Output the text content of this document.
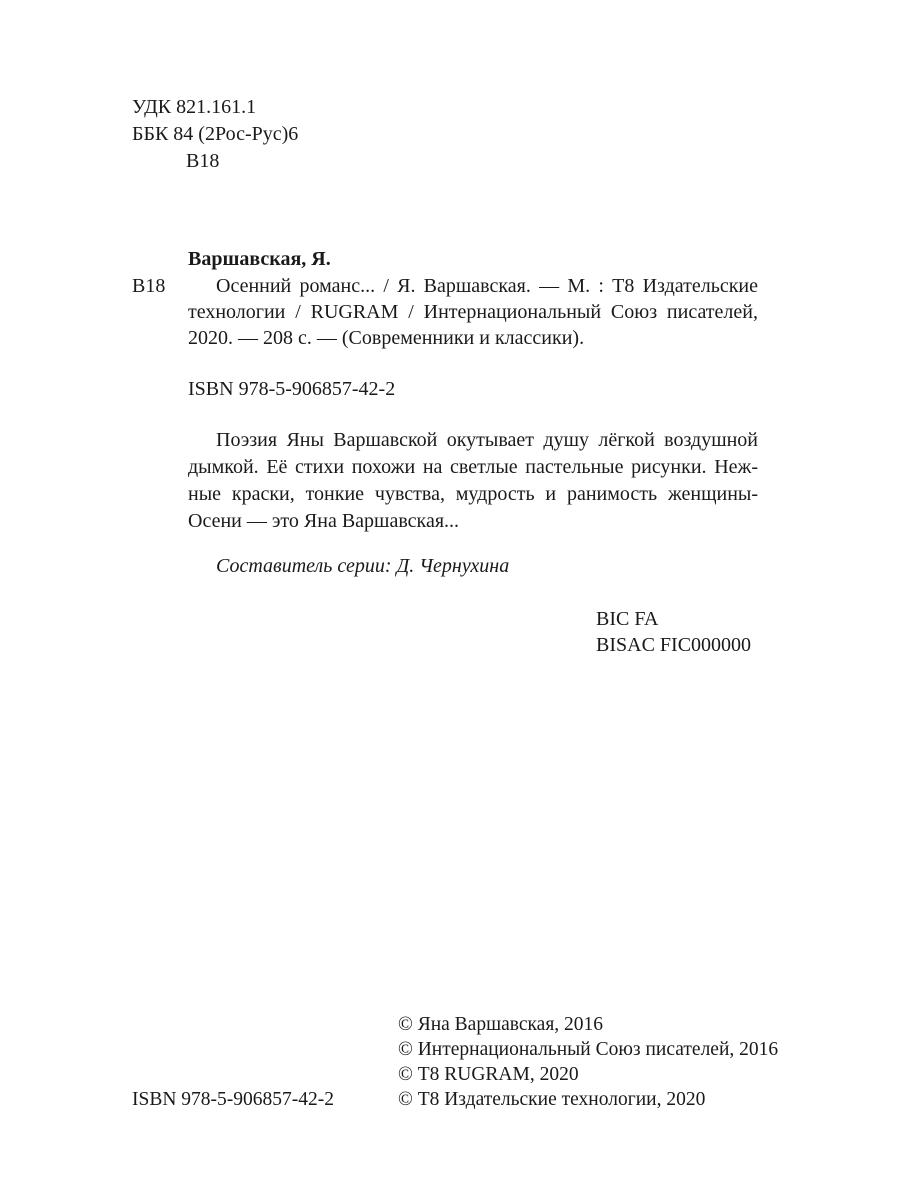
УДК 821.161.1
ББК 84 (2Рос-Рус)6
В18
Варшавская, Я.
В18	Осенний романс... / Я. Варшавская. — М. : Т8 Издательские
технологии / RUGRAM / Интернациональный Союз писателей,
2020. — 208 с. — (Современники и классики).
ISBN 978-5-906857-42-2
Поэзия Яны Варшавской окутывает душу лёгкой воздушной
дымкой. Её стихи похожи на светлые пастельные рисунки. Неж-
ные краски, тонкие чувства, мудрость и ранимость женщины-
Осени — это Яна Варшавская...
Составитель серии: Д. Чернухина
BIC FA
BISAC FIC000000
© Яна Варшавская, 2016
© Интернациональный Союз писателей, 2016
© Т8 RUGRAM, 2020
© Т8 Издательские технологии, 2020
ISBN 978-5-906857-42-2
